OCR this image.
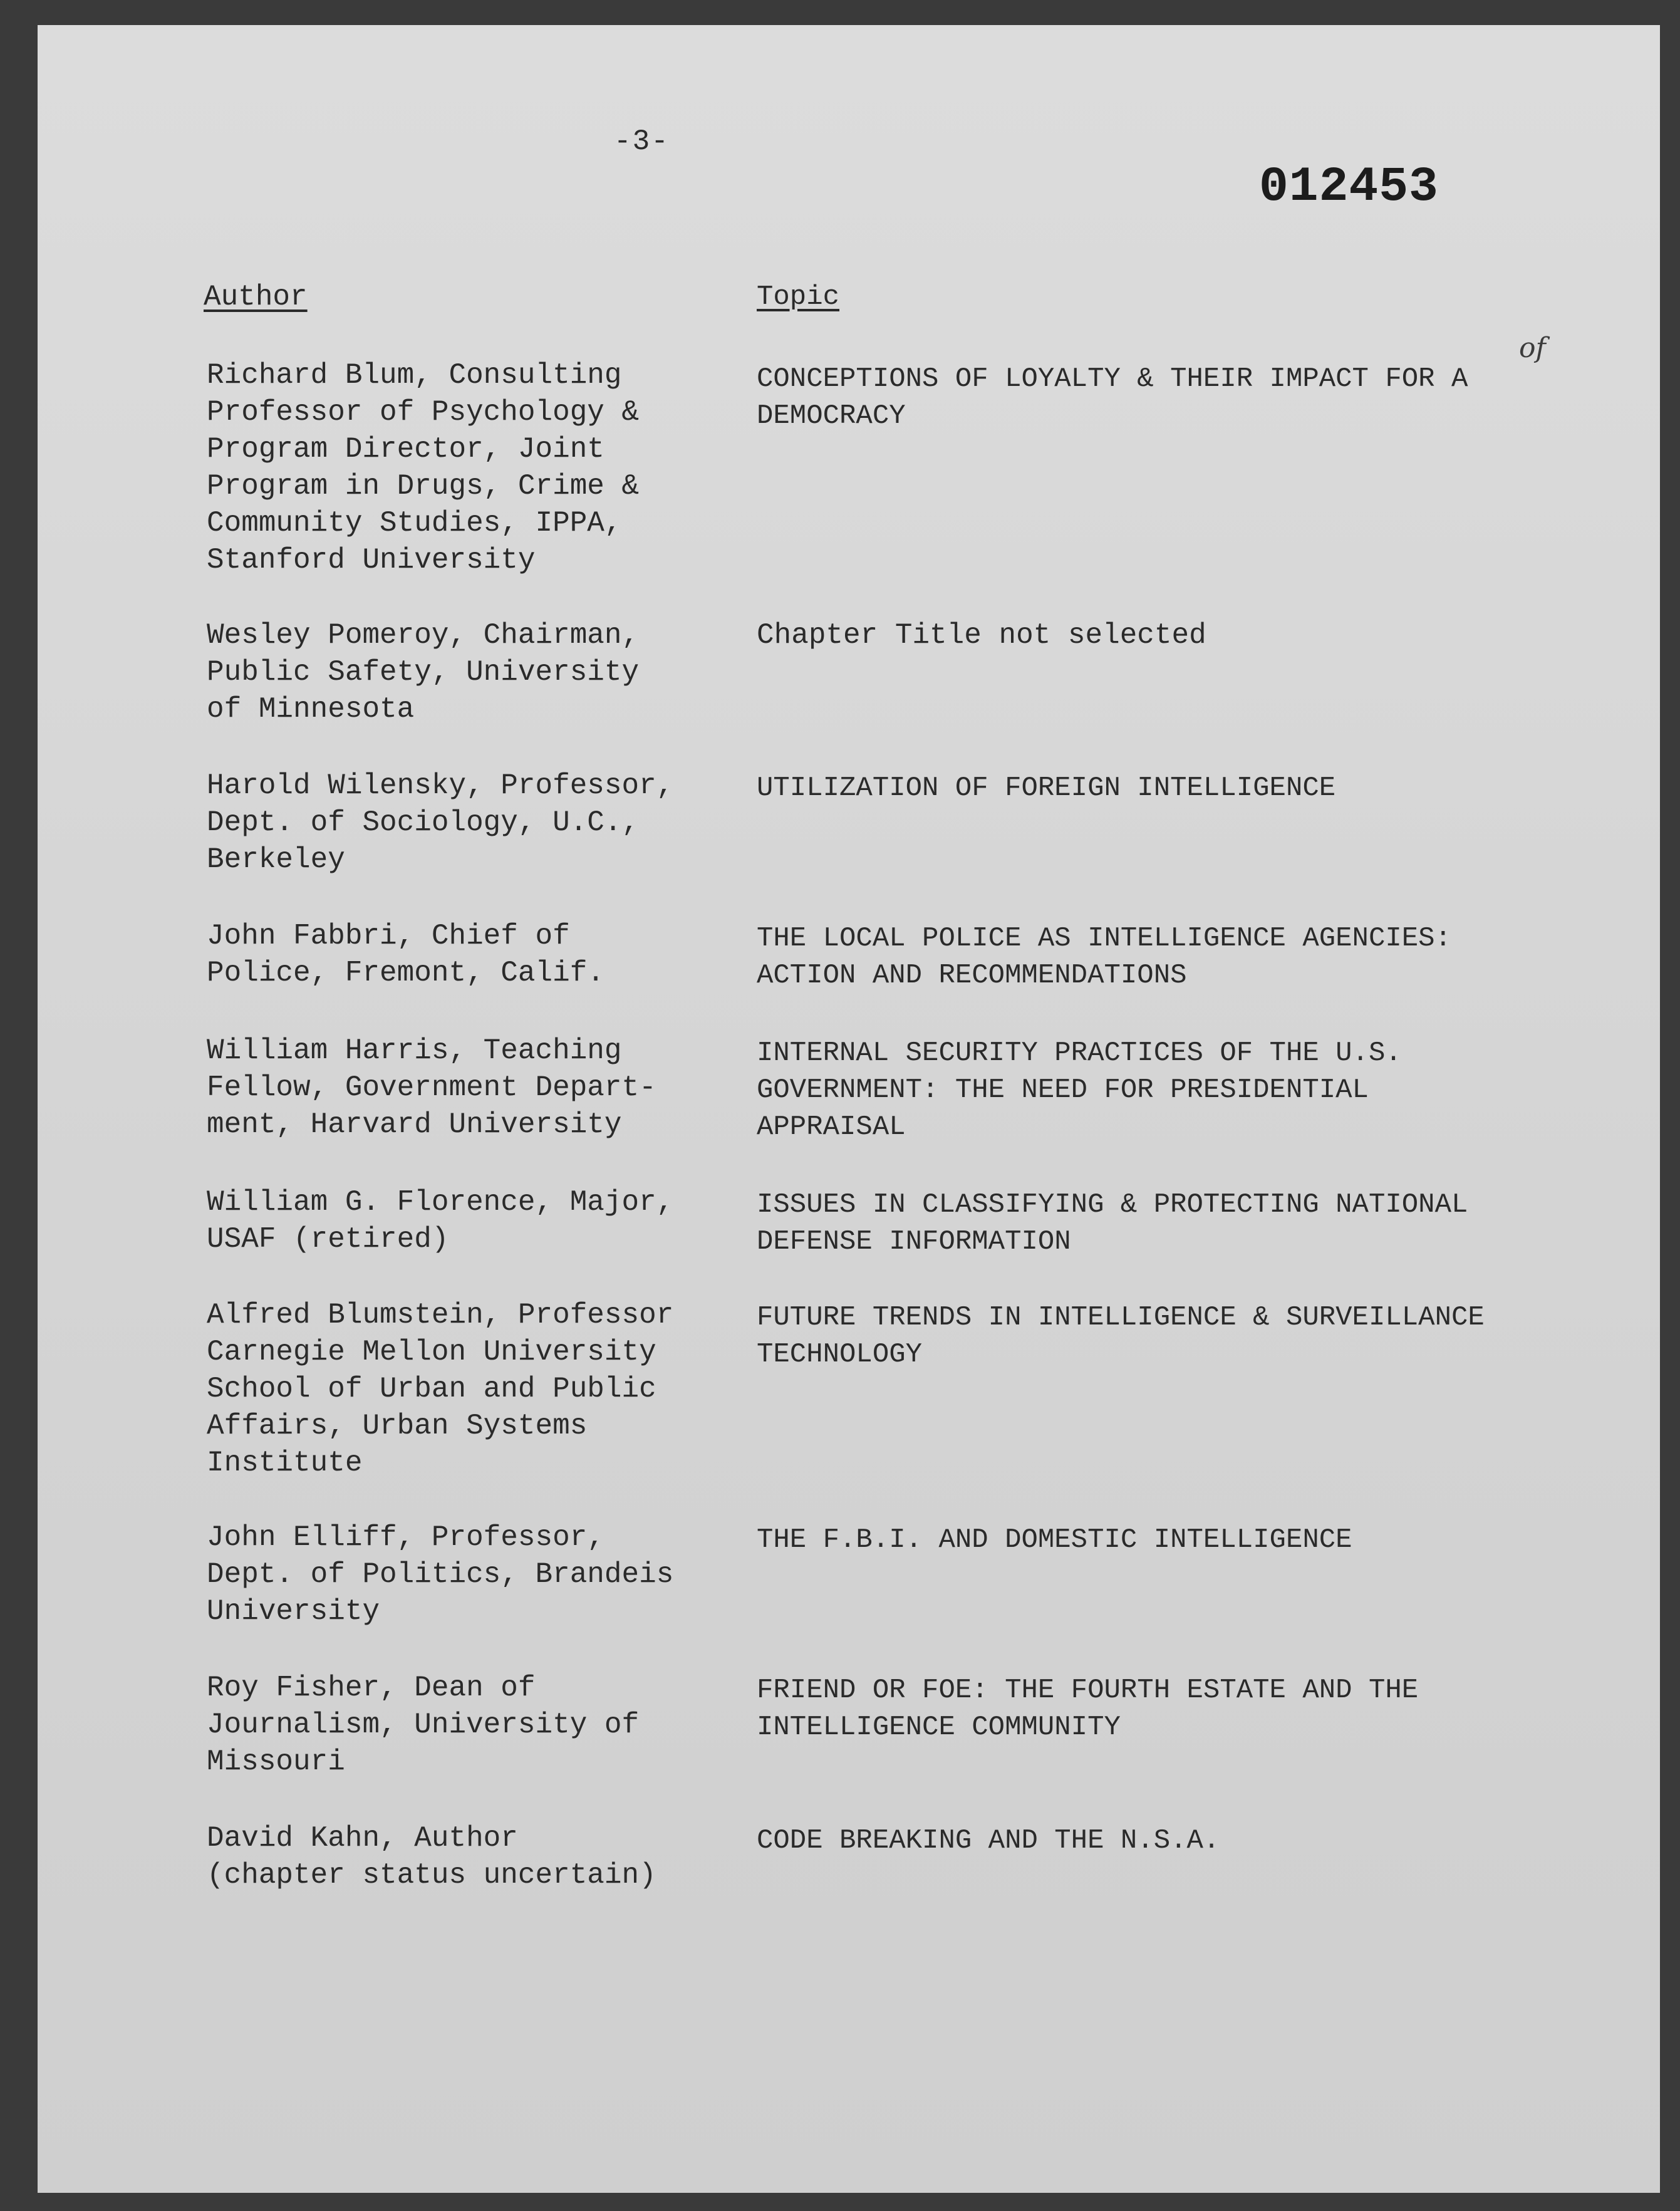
-3-
012453
Author	Topic
of
Richard Blum, Consulting
Professor of Psychology &
Program Director, Joint
Program in Drugs, Crime &
Community Studies, IPPA,
Stanford University
CONCEPTIONS OF LOYALTY & THEIR IMPACT FOR A
DEMOCRACY
Wesley Pomeroy, Chairman,
Public Safety, University
of Minnesota
Chapter Title not selected
Harold Wilensky, Professor,
Dept. of Sociology, U.C.,
Berkeley
UTILIZATION OF FOREIGN INTELLIGENCE
John Fabbri, Chief of
Police, Fremont, Calif.
THE LOCAL POLICE AS INTELLIGENCE AGENCIES:
ACTION AND RECOMMENDATIONS
William Harris, Teaching
Fellow, Government Depart-
ment, Harvard University
INTERNAL SECURITY PRACTICES OF THE U.S.
GOVERNMENT: THE NEED FOR PRESIDENTIAL
APPRAISAL
William G. Florence, Major,
USAF (retired)
ISSUES IN CLASSIFYING & PROTECTING NATIONAL
DEFENSE INFORMATION
Alfred Blumstein, Professor
Carnegie Mellon University
School of Urban and Public
Affairs, Urban Systems
Institute
FUTURE TRENDS IN INTELLIGENCE & SURVEILLANCE
TECHNOLOGY
John Elliff, Professor,
Dept. of Politics, Brandeis
University
THE F.B.I. AND DOMESTIC INTELLIGENCE
Roy Fisher, Dean of
Journalism, University of
Missouri
FRIEND OR FOE: THE FOURTH ESTATE AND THE
INTELLIGENCE COMMUNITY
David Kahn, Author
(chapter status uncertain)
CODE BREAKING AND THE N.S.A.
